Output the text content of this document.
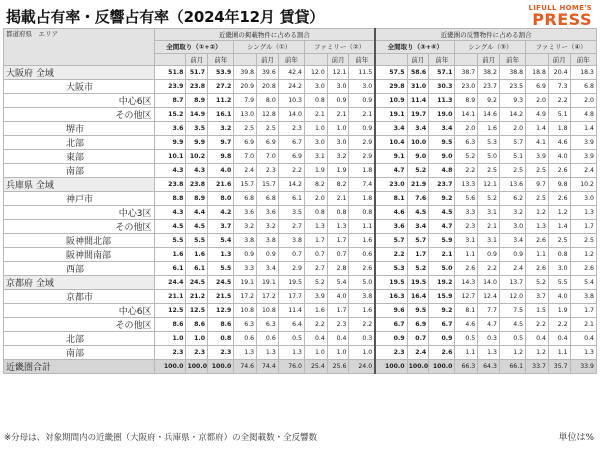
掲載占有率・反響占有率（2024年12月 賃貸）	LIFULL HOME'S
PRESS
都道府県　エリア	近畿圏の掲載物件に占める割合									近畿圏の反響物件に占める割合								
	全間取り（①+②）			シングル（①）			ファミリー（②）			全間取り（③+④）			シングル（③）			ファミリー（④）		
		前月	前年		前月	前年		前月	前年		前月	前年		前月	前年		前月	前年
大阪府 全域	51.8	51.7	53.9	39.8	39.6	42.4	12.0	12.1	11.5	57.5	58.6	57.1	38.7	38.2	38.8	18.8	20.4	18.3
大阪市	23.9	23.8	27.2	20.9	20.8	24.2	3.0	3.0	3.0	29.8	31.0	30.3	23.0	23.7	23.5	6.9	7.3	6.8
中心6区	8.7	8.9	11.2	7.9	8.0	10.3	0.8	0.9	0.9	10.9	11.4	11.3	8.9	9.2	9.3	2.0	2.2	2.0
その他区	15.2	14.9	16.1	13.0	12.8	14.0	2.1	2.1	2.1	19.1	19.7	19.0	14.1	14.6	14.2	4.9	5.1	4.8
堺市	3.6	3.5	3.2	2.5	2.5	2.3	1.0	1.0	0.9	3.4	3.4	3.4	2.0	1.6	2.0	1.4	1.8	1.4
北部	9.9	9.9	9.7	6.9	6.9	6.7	3.0	3.0	2.9	10.4	10.0	9.5	6.3	5.3	5.7	4.1	4.6	3.9
東部	10.1	10.2	9.8	7.0	7.0	6.9	3.1	3.2	2.9	9.1	9.0	9.0	5.2	5.0	5.1	3.9	4.0	3.9
南部	4.3	4.3	4.0	2.4	2.3	2.2	1.9	1.9	1.8	4.7	5.2	4.8	2.2	2.5	2.5	2.5	2.6	2.4
兵庫県 全域	23.8	23.8	21.6	15.7	15.7	14.2	8.2	8.2	7.4	23.0	21.9	23.7	13.3	12.1	13.6	9.7	9.8	10.2
神戸市	8.8	8.9	8.0	6.8	6.8	6.1	2.0	2.1	1.8	8.1	7.6	9.2	5.6	5.2	6.2	2.5	2.6	3.0
中心3区	4.3	4.4	4.2	3.6	3.6	3.5	0.8	0.8	0.8	4.6	4.5	4.5	3.3	3.1	3.2	1.2	1.2	1.3
その他区	4.5	4.5	3.7	3.2	3.2	2.7	1.3	1.3	1.1	3.6	3.4	4.7	2.3	2.1	3.0	1.3	1.4	1.7
阪神間北部	5.5	5.5	5.4	3.8	3.8	3.8	1.7	1.7	1.6	5.7	5.7	5.9	3.1	3.1	3.4	2.6	2.5	2.5
阪神間南部	1.6	1.6	1.3	0.9	0.9	0.7	0.7	0.7	0.6	2.2	1.7	2.1	1.1	0.9	0.9	1.1	0.8	1.2
西部	6.1	6.1	5.5	3.3	3.4	2.9	2.7	2.8	2.6	5.3	5.2	5.0	2.6	2.2	2.4	2.6	3.0	2.6
京都府 全域	24.4	24.5	24.5	19.1	19.1	19.5	5.2	5.4	5.0	19.5	19.5	19.2	14.3	14.0	13.7	5.2	5.5	5.4
京都市	21.1	21.2	21.5	17.2	17.2	17.7	3.9	4.0	3.8	16.3	16.4	15.9	12.7	12.4	12.0	3.7	4.0	3.8
中心6区	12.5	12.5	12.9	10.8	10.8	11.4	1.6	1.7	1.6	9.6	9.5	9.2	8.1	7.7	7.5	1.5	1.9	1.7
その他区	8.6	8.6	8.6	6.3	6.3	6.4	2.2	2.3	2.2	6.7	6.9	6.7	4.6	4.7	4.5	2.2	2.2	2.1
北部	1.0	1.0	0.8	0.6	0.6	0.5	0.4	0.4	0.3	0.9	0.7	0.9	0.5	0.3	0.5	0.4	0.4	0.4
南部	2.3	2.3	2.3	1.3	1.3	1.3	1.0	1.0	1.0	2.3	2.4	2.6	1.1	1.3	1.2	1.2	1.1	1.3
近畿圏合計	100.0	100.0	100.0	74.6	74.4	76.0	25.4	25.6	24.0	100.0	100.0	100.0	66.3	64.3	66.1	33.7	35.7	33.9
※分母は、対象期間内の近畿圏（大阪府・兵庫県・京都府）の全掲載数・全反響数	単位は%
